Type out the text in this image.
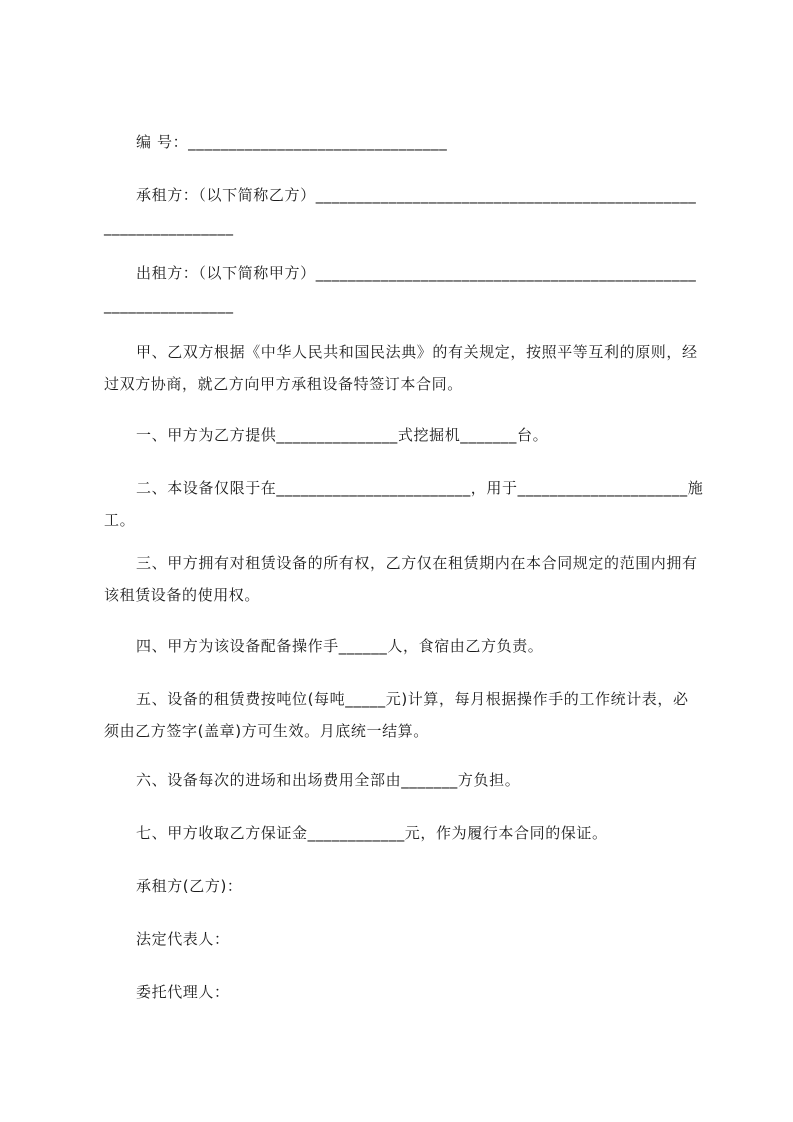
编 号：________________________________
承租方：（以下简称乙方）_______________________________________________________________
出租方：（以下简称甲方）_______________________________________________________________
甲、乙双方根据《中华人民共和国民法典》的有关规定，按照平等互利的原则，经过双方协商，就乙方向甲方承租设备特签订本合同。
一、甲方为乙方提供_______________式挖掘机_______台。
二、本设备仅限于在________________________，用于_____________________施工。
三、甲方拥有对租赁设备的所有权，乙方仅在租赁期内在本合同规定的范围内拥有该租赁设备的使用权。
四、甲方为该设备配备操作手______人，食宿由乙方负责。
五、设备的租赁费按吨位(每吨_____元)计算，每月根据操作手的工作统计表，必须由乙方签字(盖章)方可生效。月底统一结算。
六、设备每次的进场和出场费用全部由_______方负担。
七、甲方收取乙方保证金____________元，作为履行本合同的保证。
承租方(乙方)：
法定代表人：
委托代理人：
